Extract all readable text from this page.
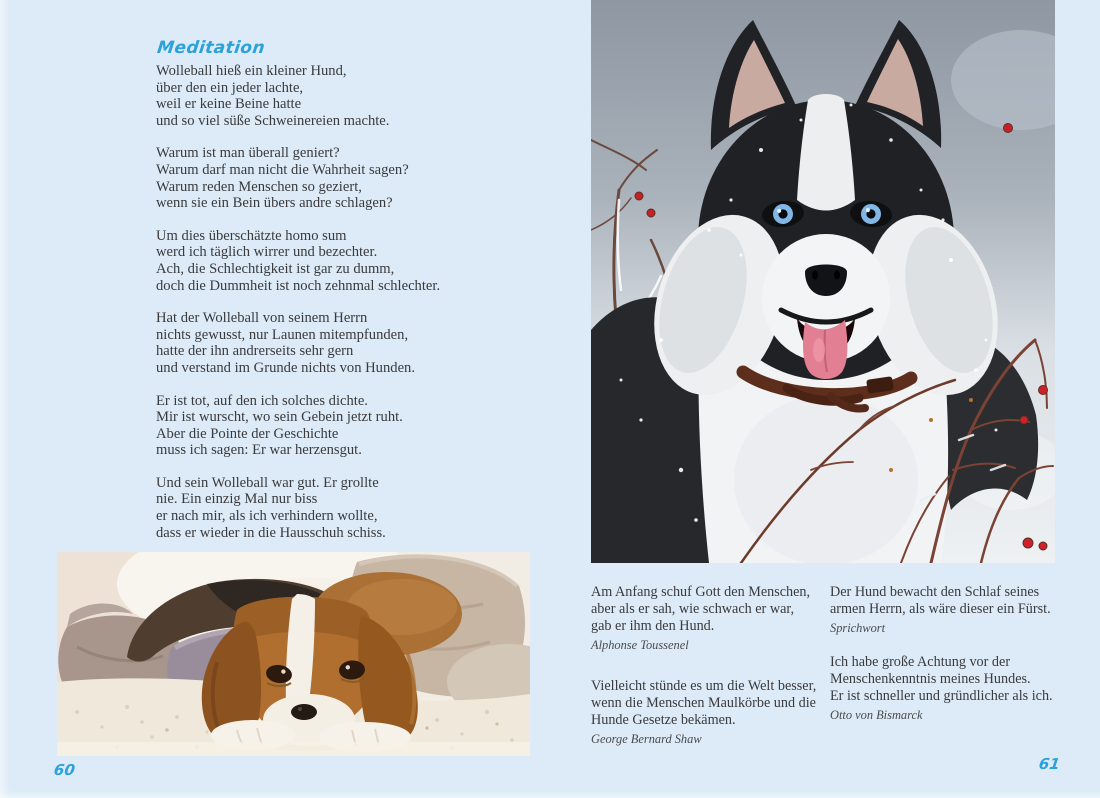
Meditation
Wolleball hieß ein kleiner Hund,
über den ein jeder lachte,
weil er keine Beine hatte
und so viel süße Schweinereien machte.
Warum ist man überall geniert?
Warum darf man nicht die Wahrheit sagen?
Warum reden Menschen so geziert,
wenn sie ein Bein übers andre schlagen?
Um dies überschätzte homo sum
werd ich täglich wirrer und bezechter.
Ach, die Schlechtigkeit ist gar zu dumm,
doch die Dummheit ist noch zehnmal schlechter.
Hat der Wolleball von seinem Herrn
nichts gewusst, nur Launen mitempfunden,
hatte der ihn andrerseits sehr gern
und verstand im Grunde nichts von Hunden.
Er ist tot, auf den ich solches dichte.
Mir ist wurscht, wo sein Gebein jetzt ruht.
Aber die Pointe der Geschichte
muss ich sagen: Er war herzensgut.
Und sein Wolleball war gut. Er grollte
nie. Ein einzig Mal nur biss
er nach mir, als ich verhindern wollte,
dass er wieder in die Hausschuh schiss.
60
Am Anfang schuf Gott den Menschen,
aber als er sah, wie schwach er war,
gab er ihm den Hund.
Alphonse Toussenel
Vielleicht stünde es um die Welt besser,
wenn die Menschen Maulkörbe und die
Hunde Gesetze bekämen.
George Bernard Shaw
Der Hund bewacht den Schlaf seines
armen Herrn, als wäre dieser ein Fürst.
Sprichwort
Ich habe große Achtung vor der
Menschenkenntnis meines Hundes.
Er ist schneller und gründlicher als ich.
Otto von Bismarck
61
